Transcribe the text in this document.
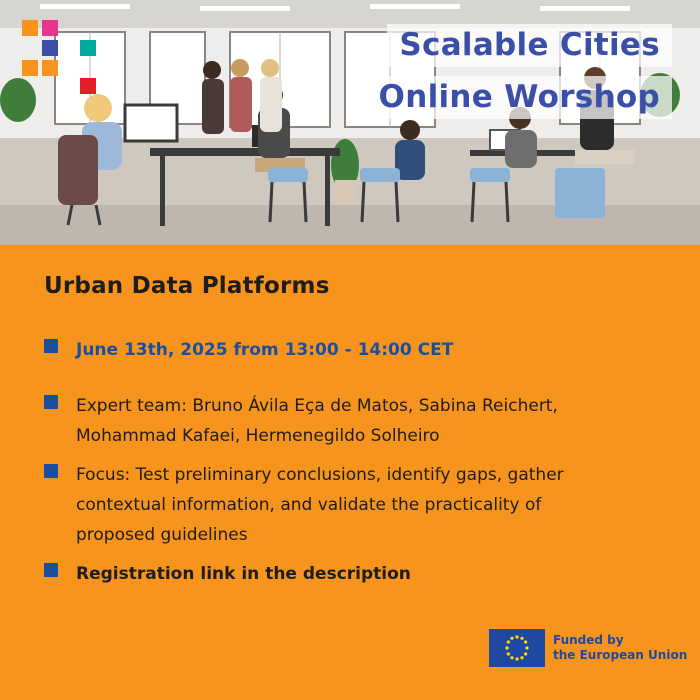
Scalable Cities
Online Worshop
Urban Data Platforms
June 13th, 2025 from 13:00 - 14:00 CET
Expert team: Bruno Ávila Eça de Matos, Sabina Reichert,
Mohammad Kafaei, Hermenegildo Solheiro
Focus: Test preliminary conclusions, identify gaps, gather
contextual information, and validate the practicality of
proposed guidelines
Registration link in the description
Funded by
the European Union
